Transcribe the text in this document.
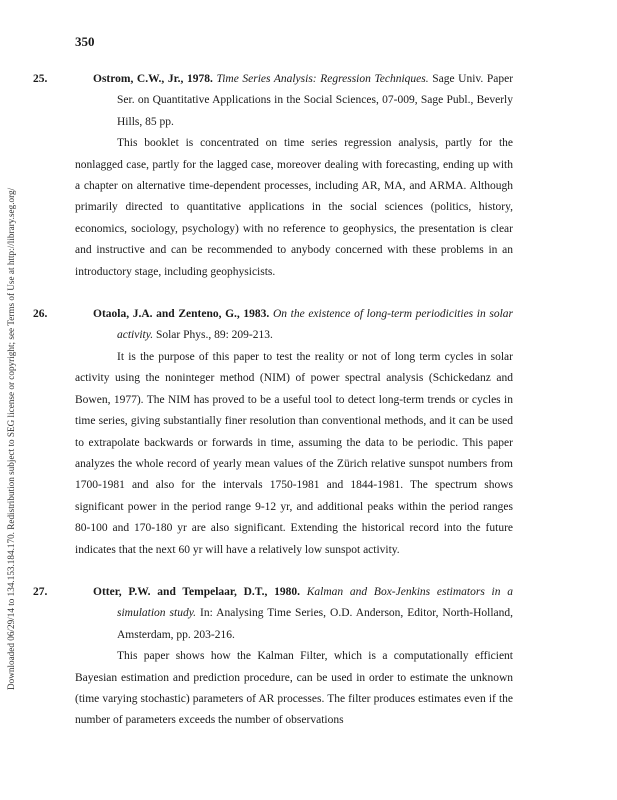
350
Downloaded 06/29/14 to 134.153.184.170. Redistribution subject to SEG license or copyright; see Terms of Use at http://library.seg.org/

25.	Ostrom, C.W., Jr., 1978. Time Series Analysis: Regression Techniques. Sage Univ. Paper Ser. on Quantitative Applications in the Social Sciences, 07-009, Sage Publ., Beverly Hills, 85 pp.

This booklet is concentrated on time series regression analysis, partly for the nonlagged case, partly for the lagged case, moreover dealing with forecasting, ending up with a chapter on alternative time-dependent processes, including AR, MA, and ARMA. Although primarily directed to quantitative applications in the social sciences (politics, history, economics, sociology, psychology) with no reference to geophysics, the presentation is clear and instructive and can be recommended to anybody concerned with these problems in an introductory stage, including geophysicists.

26.	Otaola, J.A. and Zenteno, G., 1983. On the existence of long-term periodicities in solar activity. Solar Phys., 89: 209-213.

It is the purpose of this paper to test the reality or not of long term cycles in solar activity using the noninteger method (NIM) of power spectral analysis (Schickedanz and Bowen, 1977). The NIM has proved to be a useful tool to detect long-term trends or cycles in time series, giving substantially finer resolution than conventional methods, and it can be used to extrapolate backwards or forwards in time, assuming the data to be periodic. This paper analyzes the whole record of yearly mean values of the Zürich relative sunspot numbers from 1700-1981 and also for the intervals 1750-1981 and 1844-1981. The spectrum shows significant power in the period range 9-12 yr, and additional peaks within the period ranges 80-100 and 170-180 yr are also significant. Extending the historical record into the future indicates that the next 60 yr will have a relatively low sunspot activity.

27.	Otter, P.W. and Tempelaar, D.T., 1980. Kalman and Box-Jenkins estimators in a simulation study. In: Analysing Time Series, O.D. Anderson, Editor, North-Holland, Amsterdam, pp. 203-216.

This paper shows how the Kalman Filter, which is a computationally efficient Bayesian estimation and prediction procedure, can be used in order to estimate the unknown (time varying stochastic) parameters of AR processes. The filter produces estimates even if the number of parameters exceeds the number of observations
